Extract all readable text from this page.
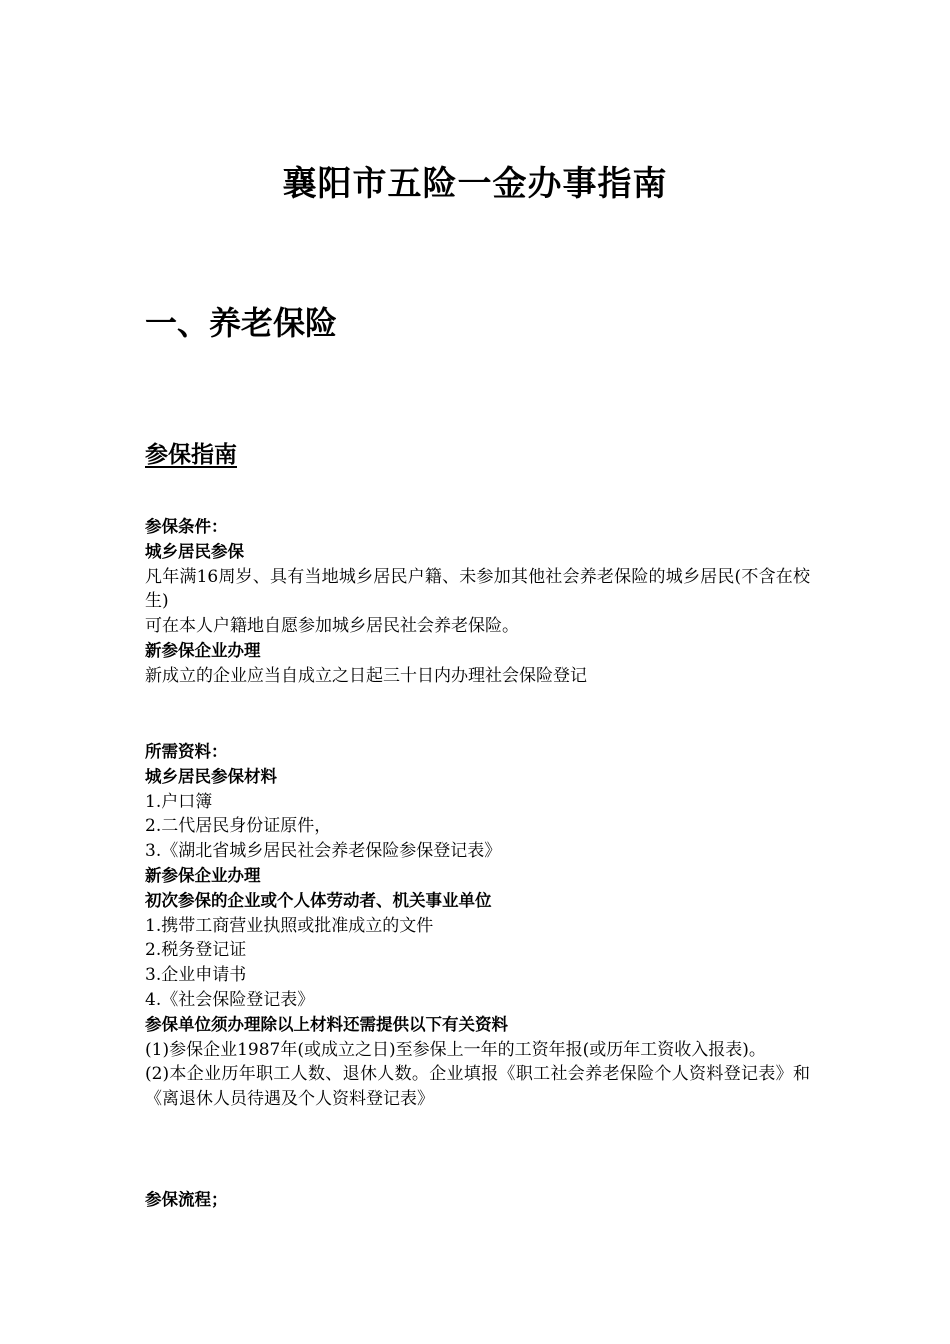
襄阳市五险一金办事指南
一、养老保险
参保指南
参保条件：
城乡居民参保
凡年满16周岁、具有当地城乡居民户籍、未参加其他社会养老保险的城乡居民(不含在校生)
可在本人户籍地自愿参加城乡居民社会养老保险。
新参保企业办理
新成立的企业应当自成立之日起三十日内办理社会保险登记
所需资料：
城乡居民参保材料
1.户口簿
2.二代居民身份证原件，
3.《湖北省城乡居民社会养老保险参保登记表》
新参保企业办理
初次参保的企业或个人体劳动者、机关事业单位
1.携带工商营业执照或批准成立的文件
2.税务登记证
3.企业申请书
4.《社会保险登记表》
参保单位须办理除以上材料还需提供以下有关资料
(1)参保企业1987年(或成立之日)至参保上一年的工资年报(或历年工资收入报表)。
(2)本企业历年职工人数、退休人数。企业填报《职工社会养老保险个人资料登记表》和《离退休人员待遇及个人资料登记表》
参保流程；
